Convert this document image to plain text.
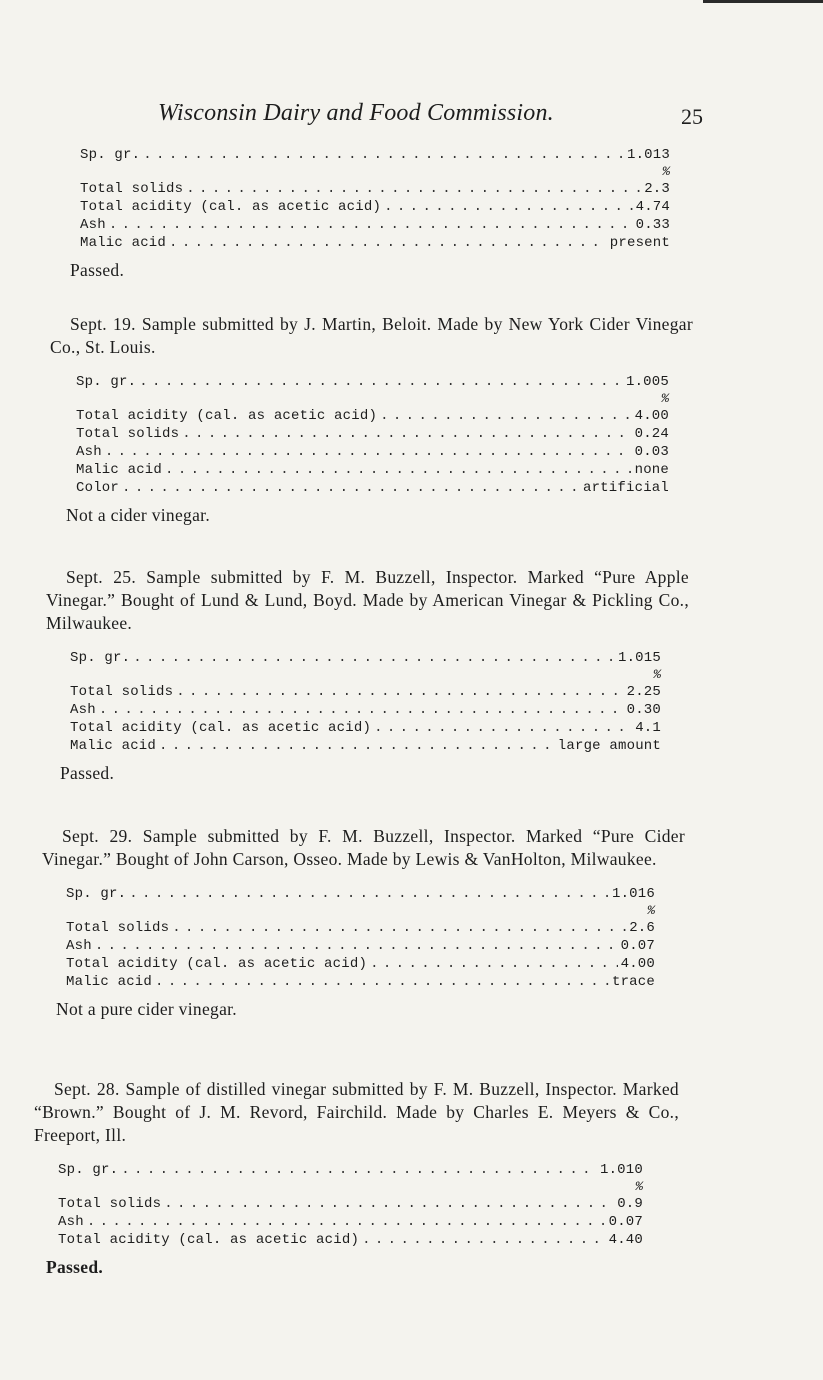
Wisconsin Dairy and Food Commission.	25
Sp. gr. . . .	1.013
%
Total solids . . .	2.3
Total acidity (cal. as acetic acid) . . .	4.74
Ash . . .	0.33
Malic acid . . .	present

Passed.

Sept. 19. Sample submitted by J. Martin, Beloit. Made by New York Cider Vinegar Co., St. Louis.

Sp. gr. . . .	1.005
%
Total acidity (cal. as acetic acid) . . .	4.00
Total solids . . .	0.24
Ash . . .	0.03
Malic acid . . .	none
Color . . .	artificial

Not a cider vinegar.

Sept. 25. Sample submitted by F. M. Buzzell, Inspector. Marked “Pure Apple Vinegar.” Bought of Lund & Lund, Boyd. Made by American Vinegar & Pickling Co., Milwaukee.

Sp. gr. . . .	1.015
%
Total solids . . .	2.25
Ash . . .	0.30
Total acidity (cal. as acetic acid) . . .	4.1
Malic acid . . .	large amount

Passed.

Sept. 29. Sample submitted by F. M. Buzzell, Inspector. Marked “Pure Cider Vinegar.” Bought of John Carson, Osseo. Made by Lewis & VanHolton, Milwaukee.

Sp. gr. . . .	1.016
%
Total solids . . .	2.6
Ash . . .	0.07
Total acidity (cal. as acetic acid) . . .	4.00
Malic acid . . .	trace

Not a pure cider vinegar.

Sept. 28. Sample of distilled vinegar submitted by F. M. Buzzell, Inspector. Marked “Brown.” Bought of J. M. Revord, Fairchild. Made by Charles E. Meyers & Co., Freeport, Ill.

Sp. gr. . . .	1.010
%
Total solids . . .	0.9
Ash . . .	0.07
Total acidity (cal. as acetic acid) . . .	4.40

Passed.
